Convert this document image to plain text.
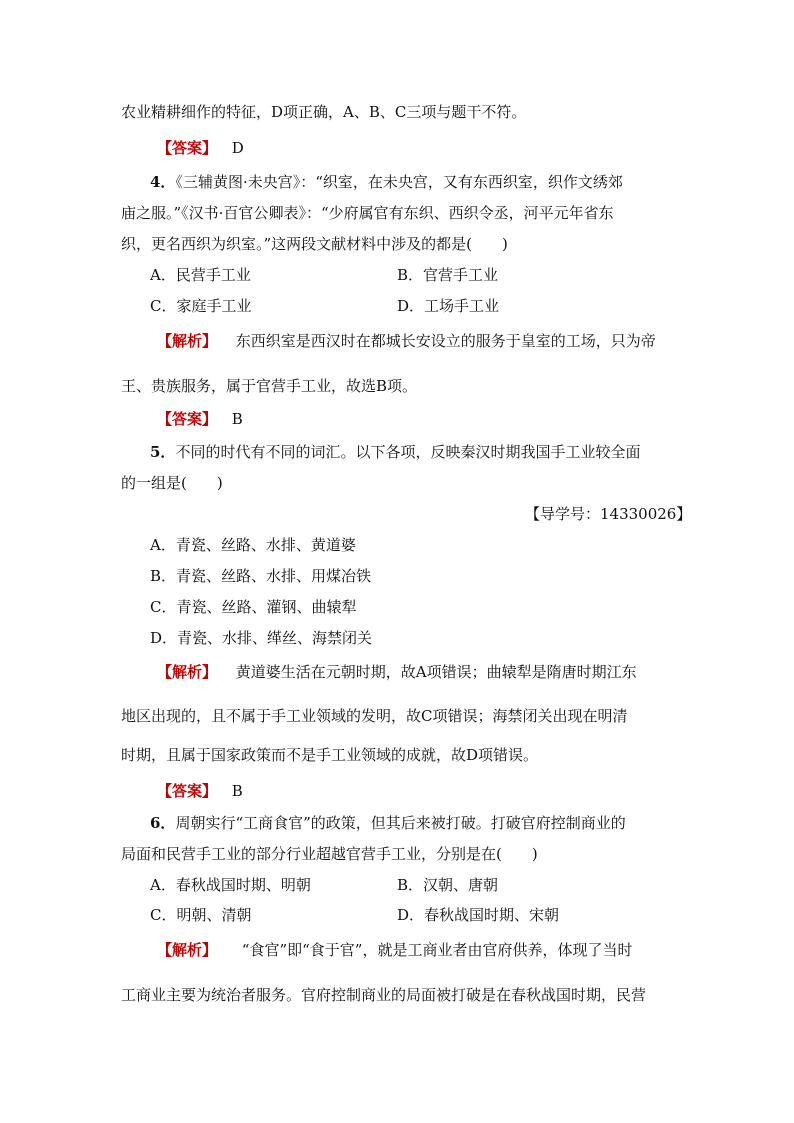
农业精耕细作的特征，D项正确，A、B、C三项与题干不符。
【答案】 D
4．《三辅黄图·未央宫》：“织室，在未央宫，又有东西织室，织作文绣郊
庙之服。”《汉书·百官公卿表》：“少府属官有东织、西织令丞，河平元年省东
织，更名西织为织室。”这两段文献材料中涉及的都是(　　)
A．民营手工业	B．官营手工业
C．家庭手工业	D．工场手工业
【解析】 东西织室是西汉时在都城长安设立的服务于皇室的工场，只为帝
王、贵族服务，属于官营手工业，故选B项。
【答案】 B
5．不同的时代有不同的词汇。以下各项，反映秦汉时期我国手工业较全面
的一组是(　　)
【导学号：14330026】
A．青瓷、丝路、水排、黄道婆
B．青瓷、丝路、水排、用煤冶铁
C．青瓷、丝路、灌钢、曲辕犁
D．青瓷、水排、缂丝、海禁闭关
【解析】 黄道婆生活在元朝时期，故A项错误；曲辕犁是隋唐时期江东
地区出现的，且不属于手工业领域的发明，故C项错误；海禁闭关出现在明清
时期，且属于国家政策而不是手工业领域的成就，故D项错误。
【答案】 B
6．周朝实行“工商食官”的政策，但其后来被打破。打破官府控制商业的
局面和民营手工业的部分行业超越官营手工业，分别是在(　　)
A．春秋战国时期、明朝	B．汉朝、唐朝
C．明朝、清朝	D．春秋战国时期、宋朝
【解析】 “食官”即“食于官”，就是工商业者由官府供养，体现了当时
工商业主要为统治者服务。官府控制商业的局面被打破是在春秋战国时期，民营
